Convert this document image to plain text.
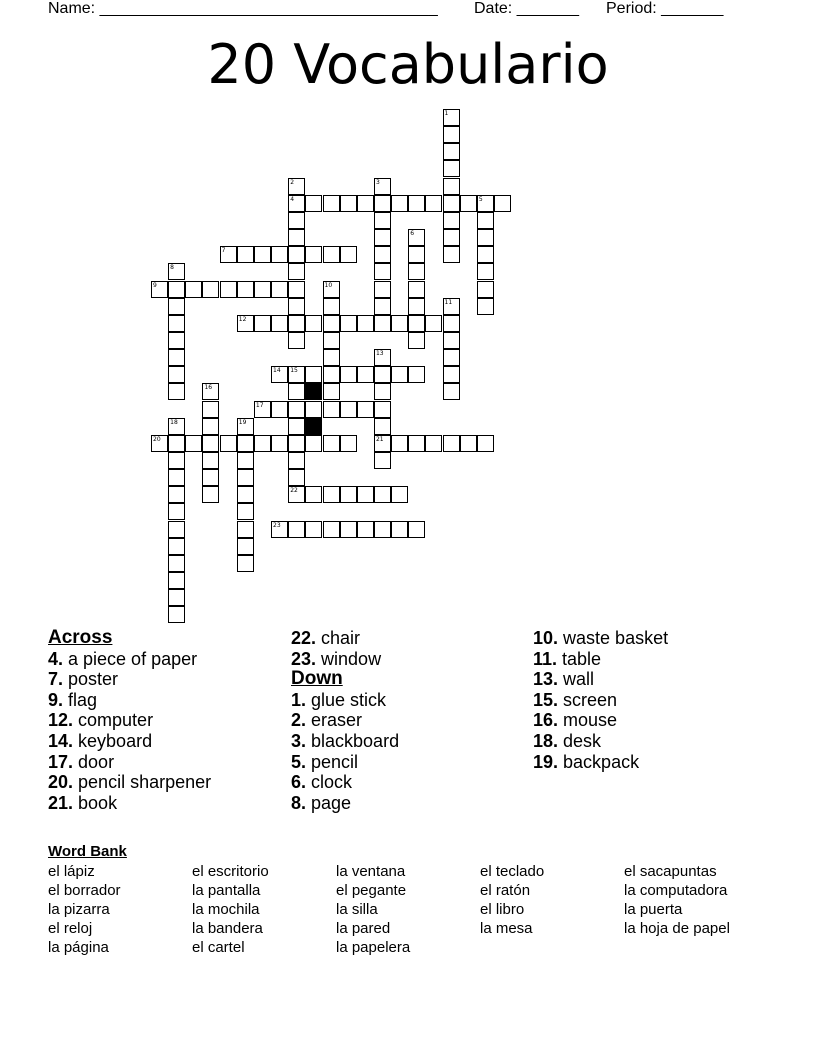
Name: ______________________________________ Date: _______ Period: _______
20 Vocabulario
1
2
4
3
5
6
7
8
9	10
11
12
13
21
14 15
22
16
17
18	19
20
23
Across
4. a piece of paper
7. poster
9. flag
12. computer
14. keyboard
17. door
20. pencil sharpener
21. book
22. chair
23. window
Down
1. glue stick
2. eraser
3. blackboard
5. pencil
6. clock
8. page
10. waste basket
11. table
13. wall
15. screen
16. mouse
18. desk
19. backpack
Word Bank
el lápiz
el borrador
la pizarra
el reloj
la página
el escritorio
la pantalla
la mochila
la bandera
el cartel
la ventana
el pegante
la silla
la pared
la papelera
el teclado
el ratón
el libro
la mesa
el sacapuntas
la computadora
la puerta
la hoja de papel
